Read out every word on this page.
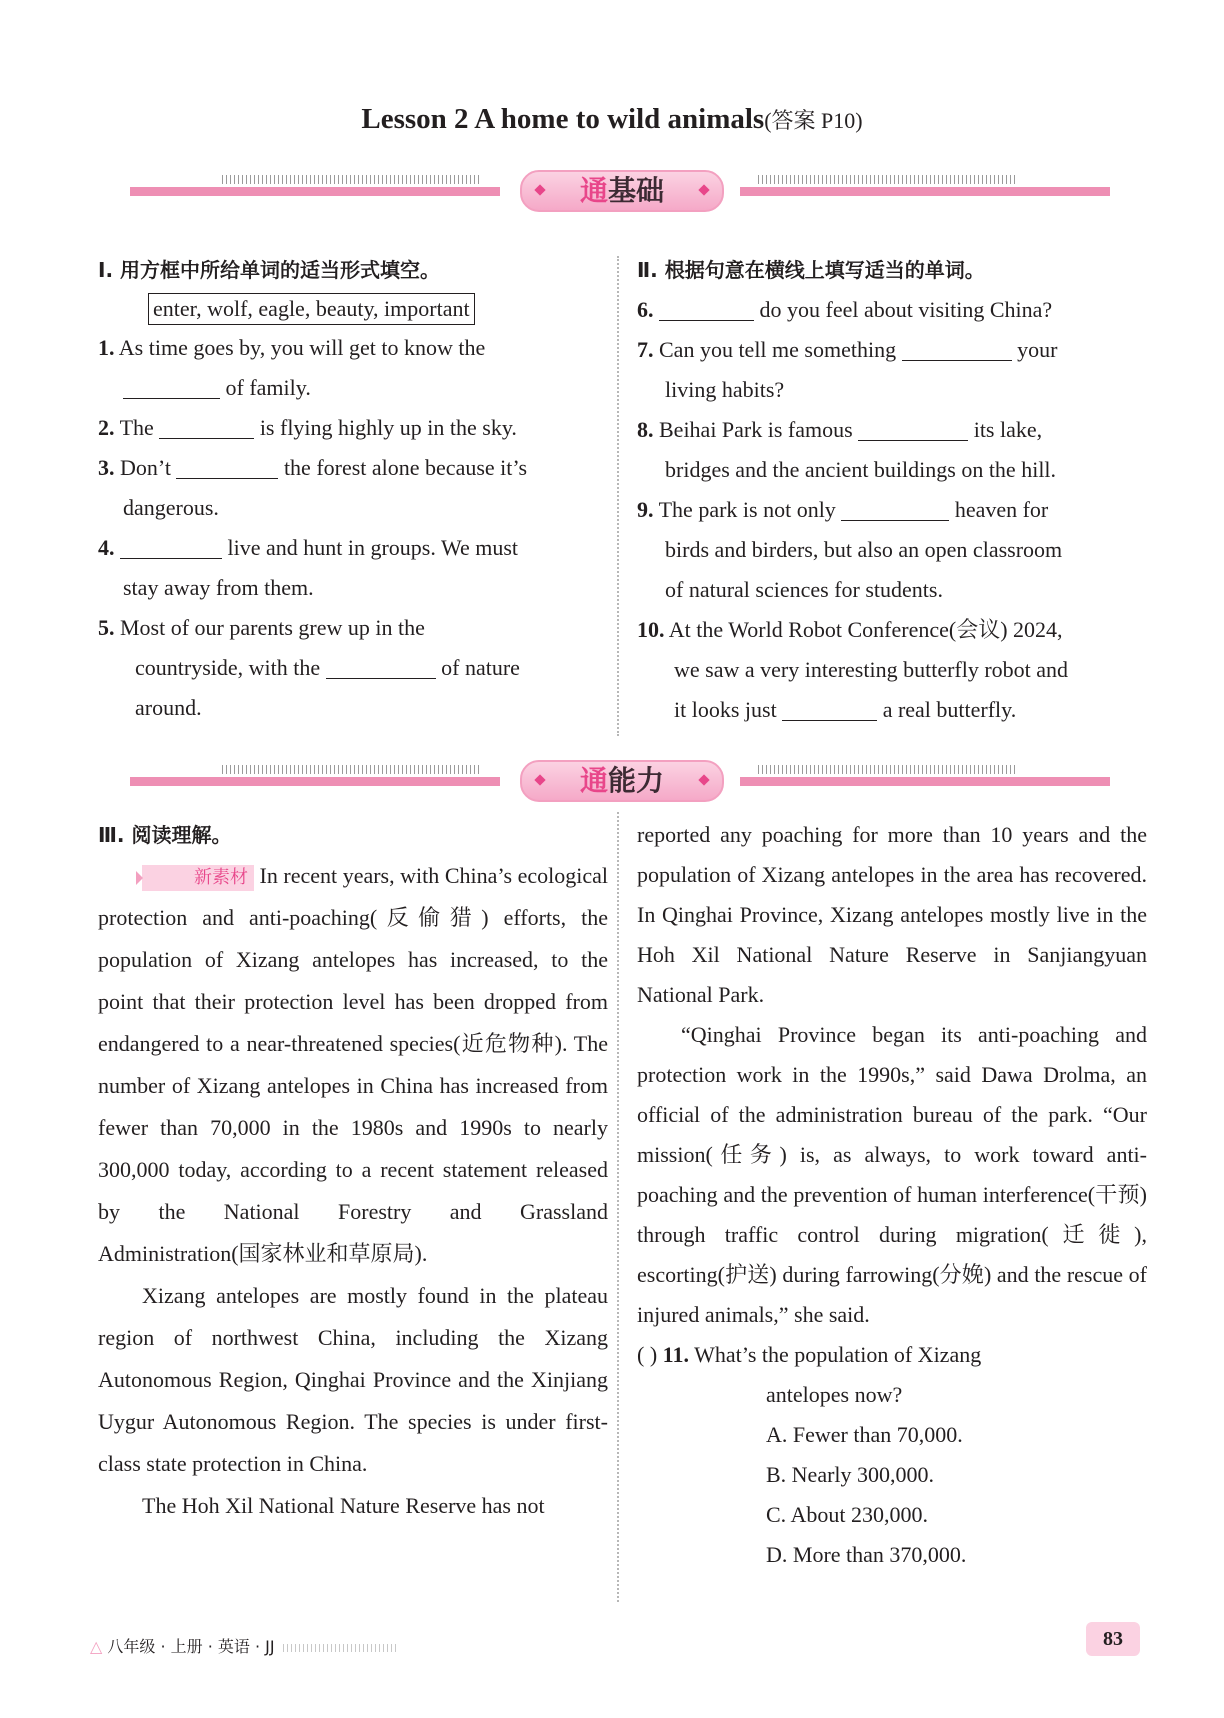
Lesson 2 A home to wild animals(答案 P10)
通基础
Ⅰ. 用方框中所给单词的适当形式填空。
enter, wolf, eagle, beauty, important
1. As time goes by, you will get to know the
of family.
2. The	is flying highly up in the sky.
3. Don’t	the forest alone because it’s
dangerous.
4.	live and hunt in groups. We must
stay away from them.
5. Most of our parents grew up in the
countryside, with the	of nature
around.
Ⅱ. 根据句意在横线上填写适当的单词。
6.	do you feel about visiting China?
7. Can you tell me something	your
living habits?
8. Beihai Park is famous	its lake,
bridges and the ancient buildings on the hill.
9. The park is not only	heaven for
birds and birders, but also an open classroom
of natural sciences for students.
10. At the World Robot Conference(会议) 2024,
we saw a very interesting butterfly robot and
it looks just	a real butterfly.
通能力
Ⅲ. 阅读理解。
新素材 In recent years, with China’s ecological protection and anti-poaching(反偷猎) efforts, the population of Xizang antelopes has increased, to the point that their protection level has been dropped from endangered to a near-threatened species(近危物种). The number of Xizang antelopes in China has increased from fewer than 70,000 in the 1980s and 1990s to nearly 300,000 today, according to a recent statement released by the National Forestry and Grassland Administration(国家林业和草原局).
Xizang antelopes are mostly found in the plateau region of northwest China, including the Xizang Autonomous Region, Qinghai Province and the Xinjiang Uygur Autonomous Region. The species is under first-class state protection in China.
The Hoh Xil National Nature Reserve has not
reported any poaching for more than 10 years and the population of Xizang antelopes in the area has recovered. In Qinghai Province, Xizang antelopes mostly live in the Hoh Xil National Nature Reserve in Sanjiangyuan National Park.
“Qinghai Province began its anti-poaching and protection work in the 1990s,” said Dawa Drolma, an official of the administration bureau of the park. “Our mission(任务) is, as always, to work toward anti-poaching and the prevention of human interference(干预) through traffic control during migration(迁徙), escorting(护送) during farrowing(分娩) and the rescue of injured animals,” she said.
( ) 11. What’s the population of Xizang
antelopes now?
A. Fewer than 70,000.
B. Nearly 300,000.
C. About 230,000.
D. More than 370,000.
△ 八年级 · 上册 · 英语 · JJ	83
